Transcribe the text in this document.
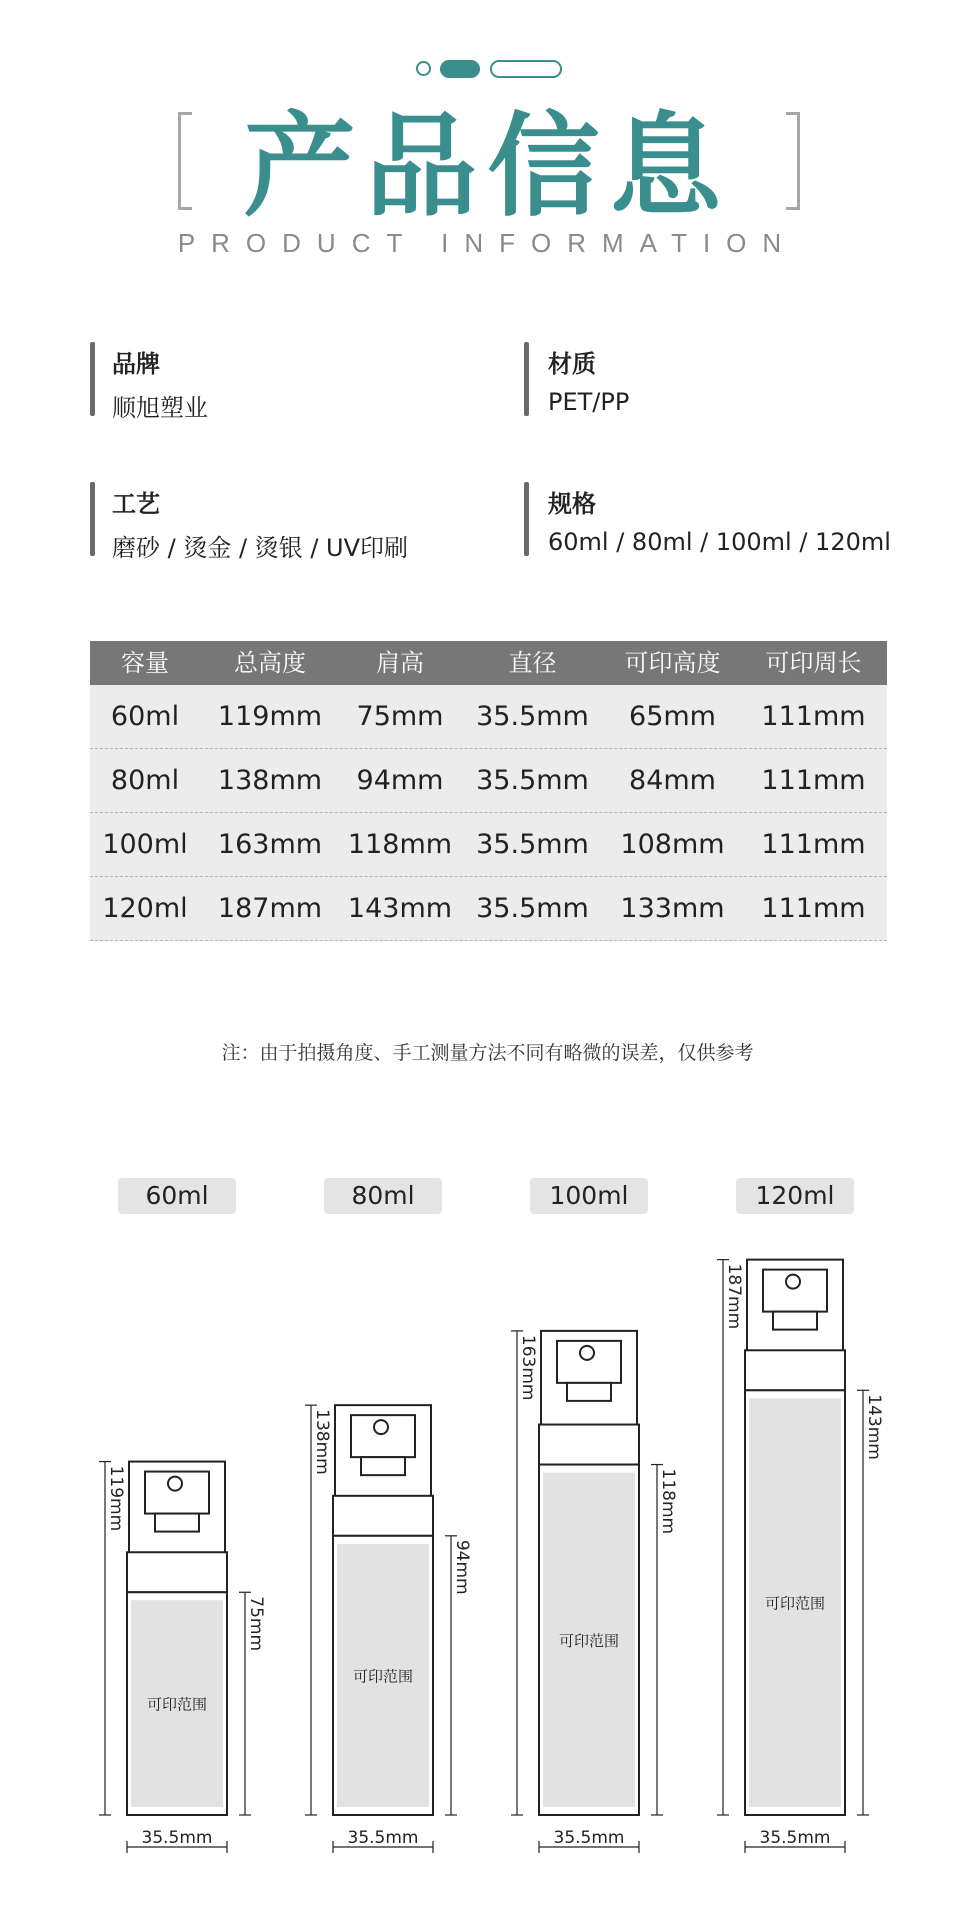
产品信息
PRODUCT INFORMATION
品牌
顺旭塑业
材质
PET/PP
工艺
磨砂 / 烫金 / 烫银 / UV印刷
规格
60ml / 80ml / 100ml / 120ml
容量	总高度	肩高	直径	可印高度	可印周长
60ml	119mm	75mm	35.5mm	65mm	111mm
80ml	138mm	94mm	35.5mm	84mm	111mm
100ml	163mm 118mm 35.5mm	108mm	111mm
120ml	187mm 143mm 35.5mm	133mm	111mm
注：由于拍摄角度、手工测量方法不同有略微的误差，仅供参考
60ml	80ml	100ml	120ml
可印范围
119mm
75mm
35.5mm
可印范围
138mm
94mm
35.5mm
可印范围
163mm
118mm
35.5mm
可印范围
187mm
143mm
35.5mm
